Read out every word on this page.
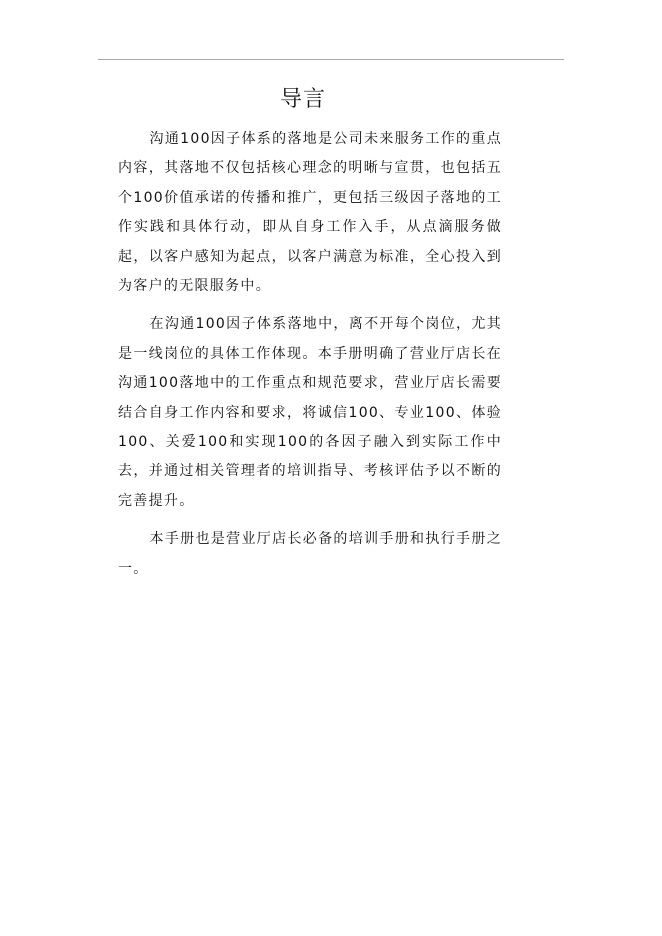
导言

沟通100因子体系的落地是公司未来服务工作的重点内容，其落地不仅包括核心理念的明晰与宣贯，也包括五个100价值承诺的传播和推广，更包括三级因子落地的工作实践和具体行动，即从自身工作入手，从点滴服务做起，以客户感知为起点，以客户满意为标准，全心投入到为客户的无限服务中。

在沟通100因子体系落地中，离不开每个岗位，尤其是一线岗位的具体工作体现。本手册明确了营业厅店长在沟通100落地中的工作重点和规范要求，营业厅店长需要结合自身工作内容和要求，将诚信100、专业100、体验100、关爱100和实现100的各因子融入到实际工作中去，并通过相关管理者的培训指导、考核评估予以不断的完善提升。

本手册也是营业厅店长必备的培训手册和执行手册之一。
